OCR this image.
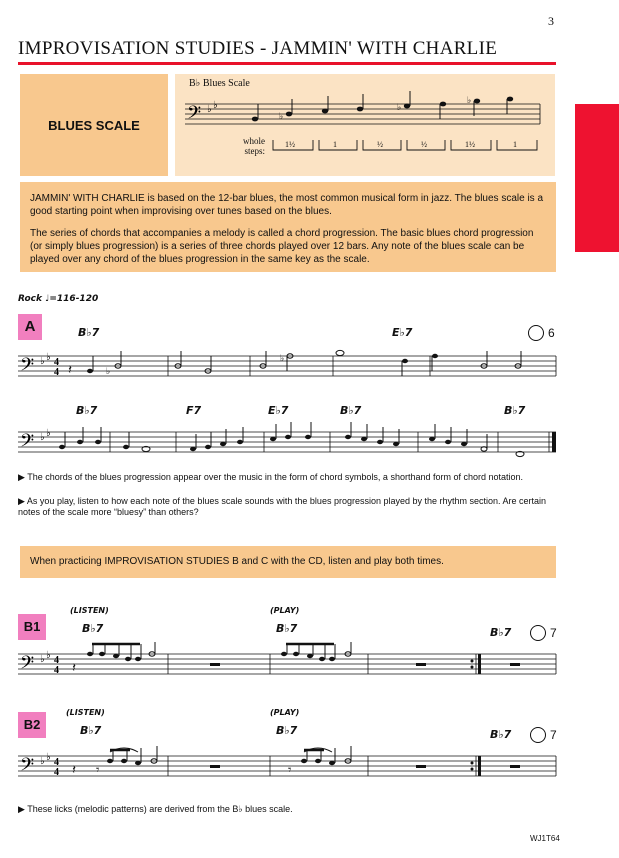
3
IMPROVISATION STUDIES - JAMMIN' WITH CHARLIE
BLUES SCALE
B♭ Blues Scale
𝄢 ♭ ♭
♭
♭
♭
whole steps:
1½	1	½	½	1½	1
JAMMIN' WITH CHARLIE is based on the 12-bar blues, the most common musical form in jazz. The blues scale is a good starting point when improvising over tunes based on the blues.
The series of chords that accompanies a melody is called a chord progression. The basic blues chord progression (or simply blues progression) is a series of three chords played over 12 bars. Any note of the blues scale can be played over any chord of the blues progression in the same key as the scale.
Rock ♩=116-120
A	B♭7	E♭7	6
𝄢 ♭ ♭ 4
4 𝄽	♭
♭
B♭7	F7	E♭7	B♭7	B♭7
𝄢 ♭ ♭
▶ The chords of the blues progression appear over the music in the form of chord symbols, a shorthand form of chord notation.
▶ As you play, listen to how each note of the blues scale sounds with the blues progression played by the rhythm section. Are certain notes of the scale more “bluesy” than others?
When practicing IMPROVISATION STUDIES B and C with the CD, listen and play both times.
B1
(LISTEN)	(PLAY)
B♭7	B♭7	B♭7	7
𝄢 ♭ ♭ 4
4 𝄽
B2
(LISTEN)	(PLAY)
B♭7	B♭7	B♭7	7
𝄢 ♭ ♭ 4
4 𝄽 𝄾	𝄾
▶ These licks (melodic patterns) are derived from the B♭ blues scale.
WJ1T64
